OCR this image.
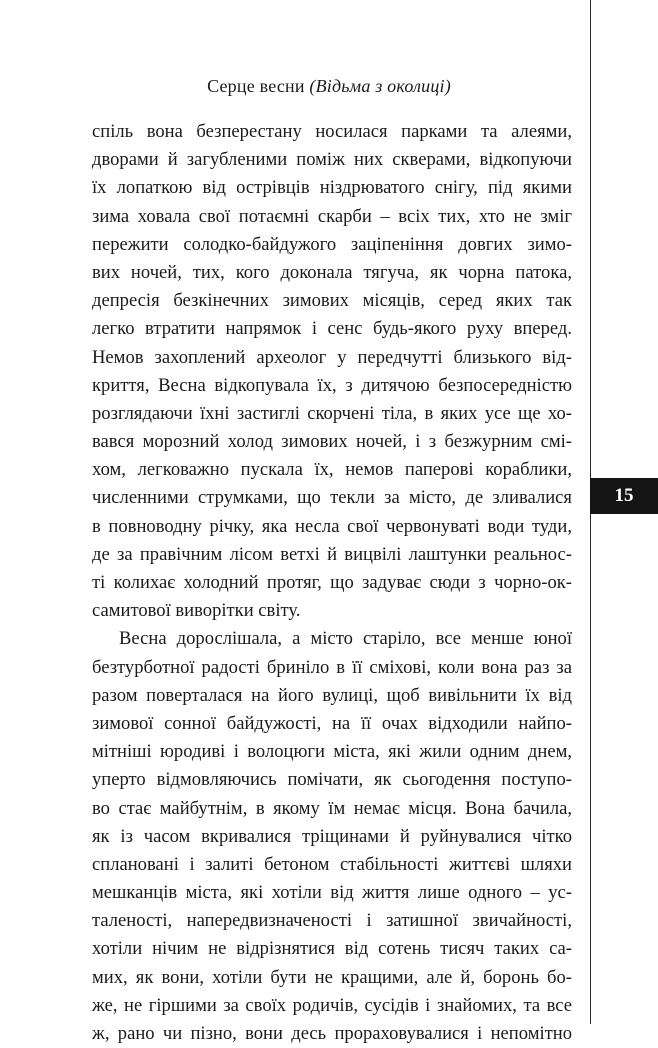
Серце весни (Відьма з околиці)
спіль вона безперестану носилася парками та алеями,
дворами й загубленими поміж них скверами, відкопуючи
їх лопаткою від острівців ніздрюватого снігу, під якими
зима ховала свої потаємні скарби – всіх тих, хто не зміг
пережити солодко-байдужого заціпеніння довгих зимо-
вих ночей, тих, кого доконала тягуча, як чорна патока,
депресія безкінечних зимових місяців, серед яких так
легко втратити напрямок і сенс будь-якого руху вперед.
Немов захоплений археолог у передчутті близького від-
криття, Весна відкопувала їх, з дитячою безпосередністю
розглядаючи їхні застиглі скорчені тіла, в яких усе ще хо-
вався морозний холод зимових ночей, і з безжурним смі-
хом, легковажно пускала їх, немов паперові кораблики,
численними струмками, що текли за місто, де зливалися
в повноводну річку, яка несла свої червонуваті води туди,
де за правічним лісом ветхі й вицвілі лаштунки реальнос-
ті колихає холодний протяг, що задуває сюди з чорно-ок-
самитової виворітки світу.
Весна дорослішала, а місто старіло, все менше юної
безтурботної радості бриніло в її сміхові, коли вона раз за
разом поверталася на його вулиці, щоб вивільнити їх від
зимової сонної байдужості, на її очах відходили найпо-
мітніші юродиві і волоцюги міста, які жили одним днем,
уперто відмовляючись помічати, як сьогодення поступо-
во стає майбутнім, в якому їм немає місця. Вона бачила,
як із часом вкривалися тріщинами й руйнувалися чітко
сплановані і залиті бетоном стабільності життєві шляхи
мешканців міста, які хотіли від життя лише одного – ус-
таленості, напередвизначеності і затишної звичайності,
хотіли нічим не відрізнятися від сотень тисяч таких са-
мих, як вони, хотіли бути не кращими, але й, боронь бо-
же, не гіршими за своїх родичів, сусідів і знайомих, та все
ж, рано чи пізно, вони десь прораховувалися і непомітно
15
